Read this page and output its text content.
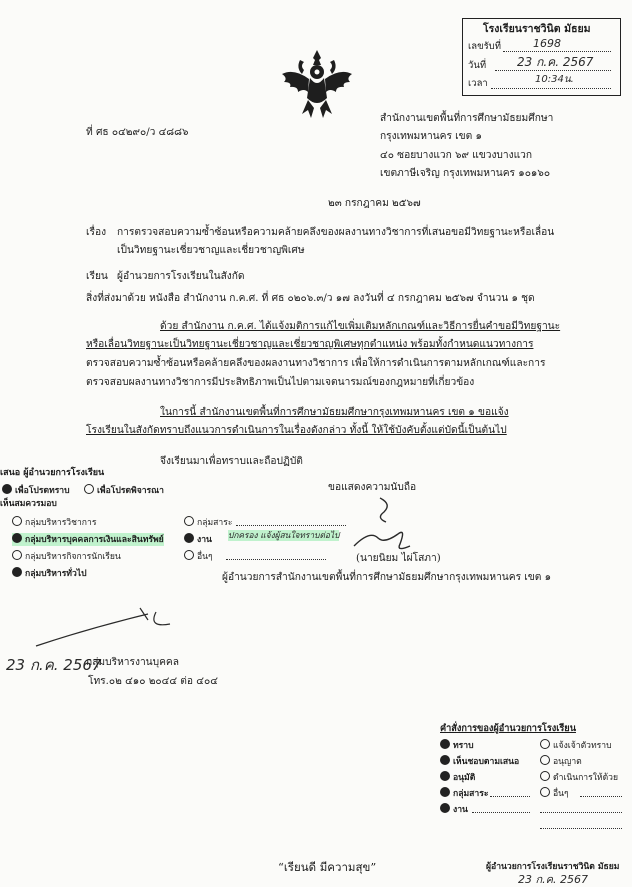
โรงเรียนราชวินิต มัธยม
เลขรับที่	1698
วันที่	23 ก.ค. 2567
เวลา	10:34น.
ที่ ศธ ๐๔๒๙๐/ว ๔๘๘๖
สำนักงานเขตพื้นที่การศึกษามัธยมศึกษา
กรุงเทพมหานคร เขต ๑
๔๐ ซอยบางแวก ๖๙ แขวงบางแวก
เขตภาษีเจริญ กรุงเทพมหานคร ๑๐๑๖๐
๒๓ กรกฎาคม ๒๕๖๗
เรื่อง การตรวจสอบความซ้ำซ้อนหรือความคล้ายคลึงของผลงานทางวิชาการที่เสนอขอมีวิทยฐานะหรือเลื่อน
เป็นวิทยฐานะเชี่ยวชาญและเชี่ยวชาญพิเศษ
เรียน ผู้อำนวยการโรงเรียนในสังกัด
สิ่งที่ส่งมาด้วย หนังสือ สำนักงาน ก.ค.ศ. ที่ ศธ ๐๒๐๖.๓/ว ๑๗ ลงวันที่ ๔ กรกฎาคม ๒๕๖๗ จำนวน ๑ ชุด
ด้วย สำนักงาน ก.ค.ศ. ได้แจ้งมติการแก้ไขเพิ่มเติมหลักเกณฑ์และวิธีการยื่นคำขอมีวิทยฐานะ
หรือเลื่อนวิทยฐานะเป็นวิทยฐานะเชี่ยวชาญและเชี่ยวชาญพิเศษทุกตำแหน่ง พร้อมทั้งกำหนดแนวทางการ
ตรวจสอบความซ้ำซ้อนหรือคล้ายคลึงของผลงานทางวิชาการ เพื่อให้การดำเนินการตามหลักเกณฑ์และการ
ตรวจสอบผลงานทางวิชาการมีประสิทธิภาพเป็นไปตามเจตนารมณ์ของกฎหมายที่เกี่ยวข้อง
ในการนี้ สำนักงานเขตพื้นที่การศึกษามัธยมศึกษากรุงเทพมหานคร เขต ๑ ขอแจ้ง
โรงเรียนในสังกัดทราบถึงแนวการดำเนินการในเรื่องดังกล่าว ทั้งนี้ ให้ใช้บังคับตั้งแต่บัดนี้เป็นต้นไป
จึงเรียนมาเพื่อทราบและถือปฏิบัติ
ขอแสดงความนับถือ
(นายนิยม ไผ่โสภา)
ผู้อำนวยการสำนักงานเขตพื้นที่การศึกษามัธยมศึกษากรุงเทพมหานคร เขต ๑
เสนอ ผู้อำนวยการโรงเรียน
เพื่อโปรดทราบ	เพื่อโปรดพิจารณา
เห็นสมควรมอบ
กลุ่มบริหารวิชาการ
กลุ่มบริหารบุคคลการเงินและสินทรัพย์
กลุ่มบริหารกิจการนักเรียน
กลุ่มบริหารทั่วไป
กลุ่มสาระ
งาน ปกครอง แจ้งผู้สนใจทราบต่อไป
อื่นๆ
23 ก.ค. 2567
กลุ่มบริหารงานบุคคล
โทร.๐๒ ๔๑๐ ๒๐๔๔ ต่อ ๔๐๔
คำสั่งการของผู้อำนวยการโรงเรียน
ทราบ
เห็นชอบตามเสนอ
อนุมัติ
กลุ่มสาระ
งาน
แจ้งเจ้าตัวทราบ
อนุญาต
ดำเนินการให้ด้วย
อื่นๆ
ผู้อำนวยการโรงเรียนราชวินิต มัธยม
23 ก.ค. 2567
“เรียนดี มีความสุข”
